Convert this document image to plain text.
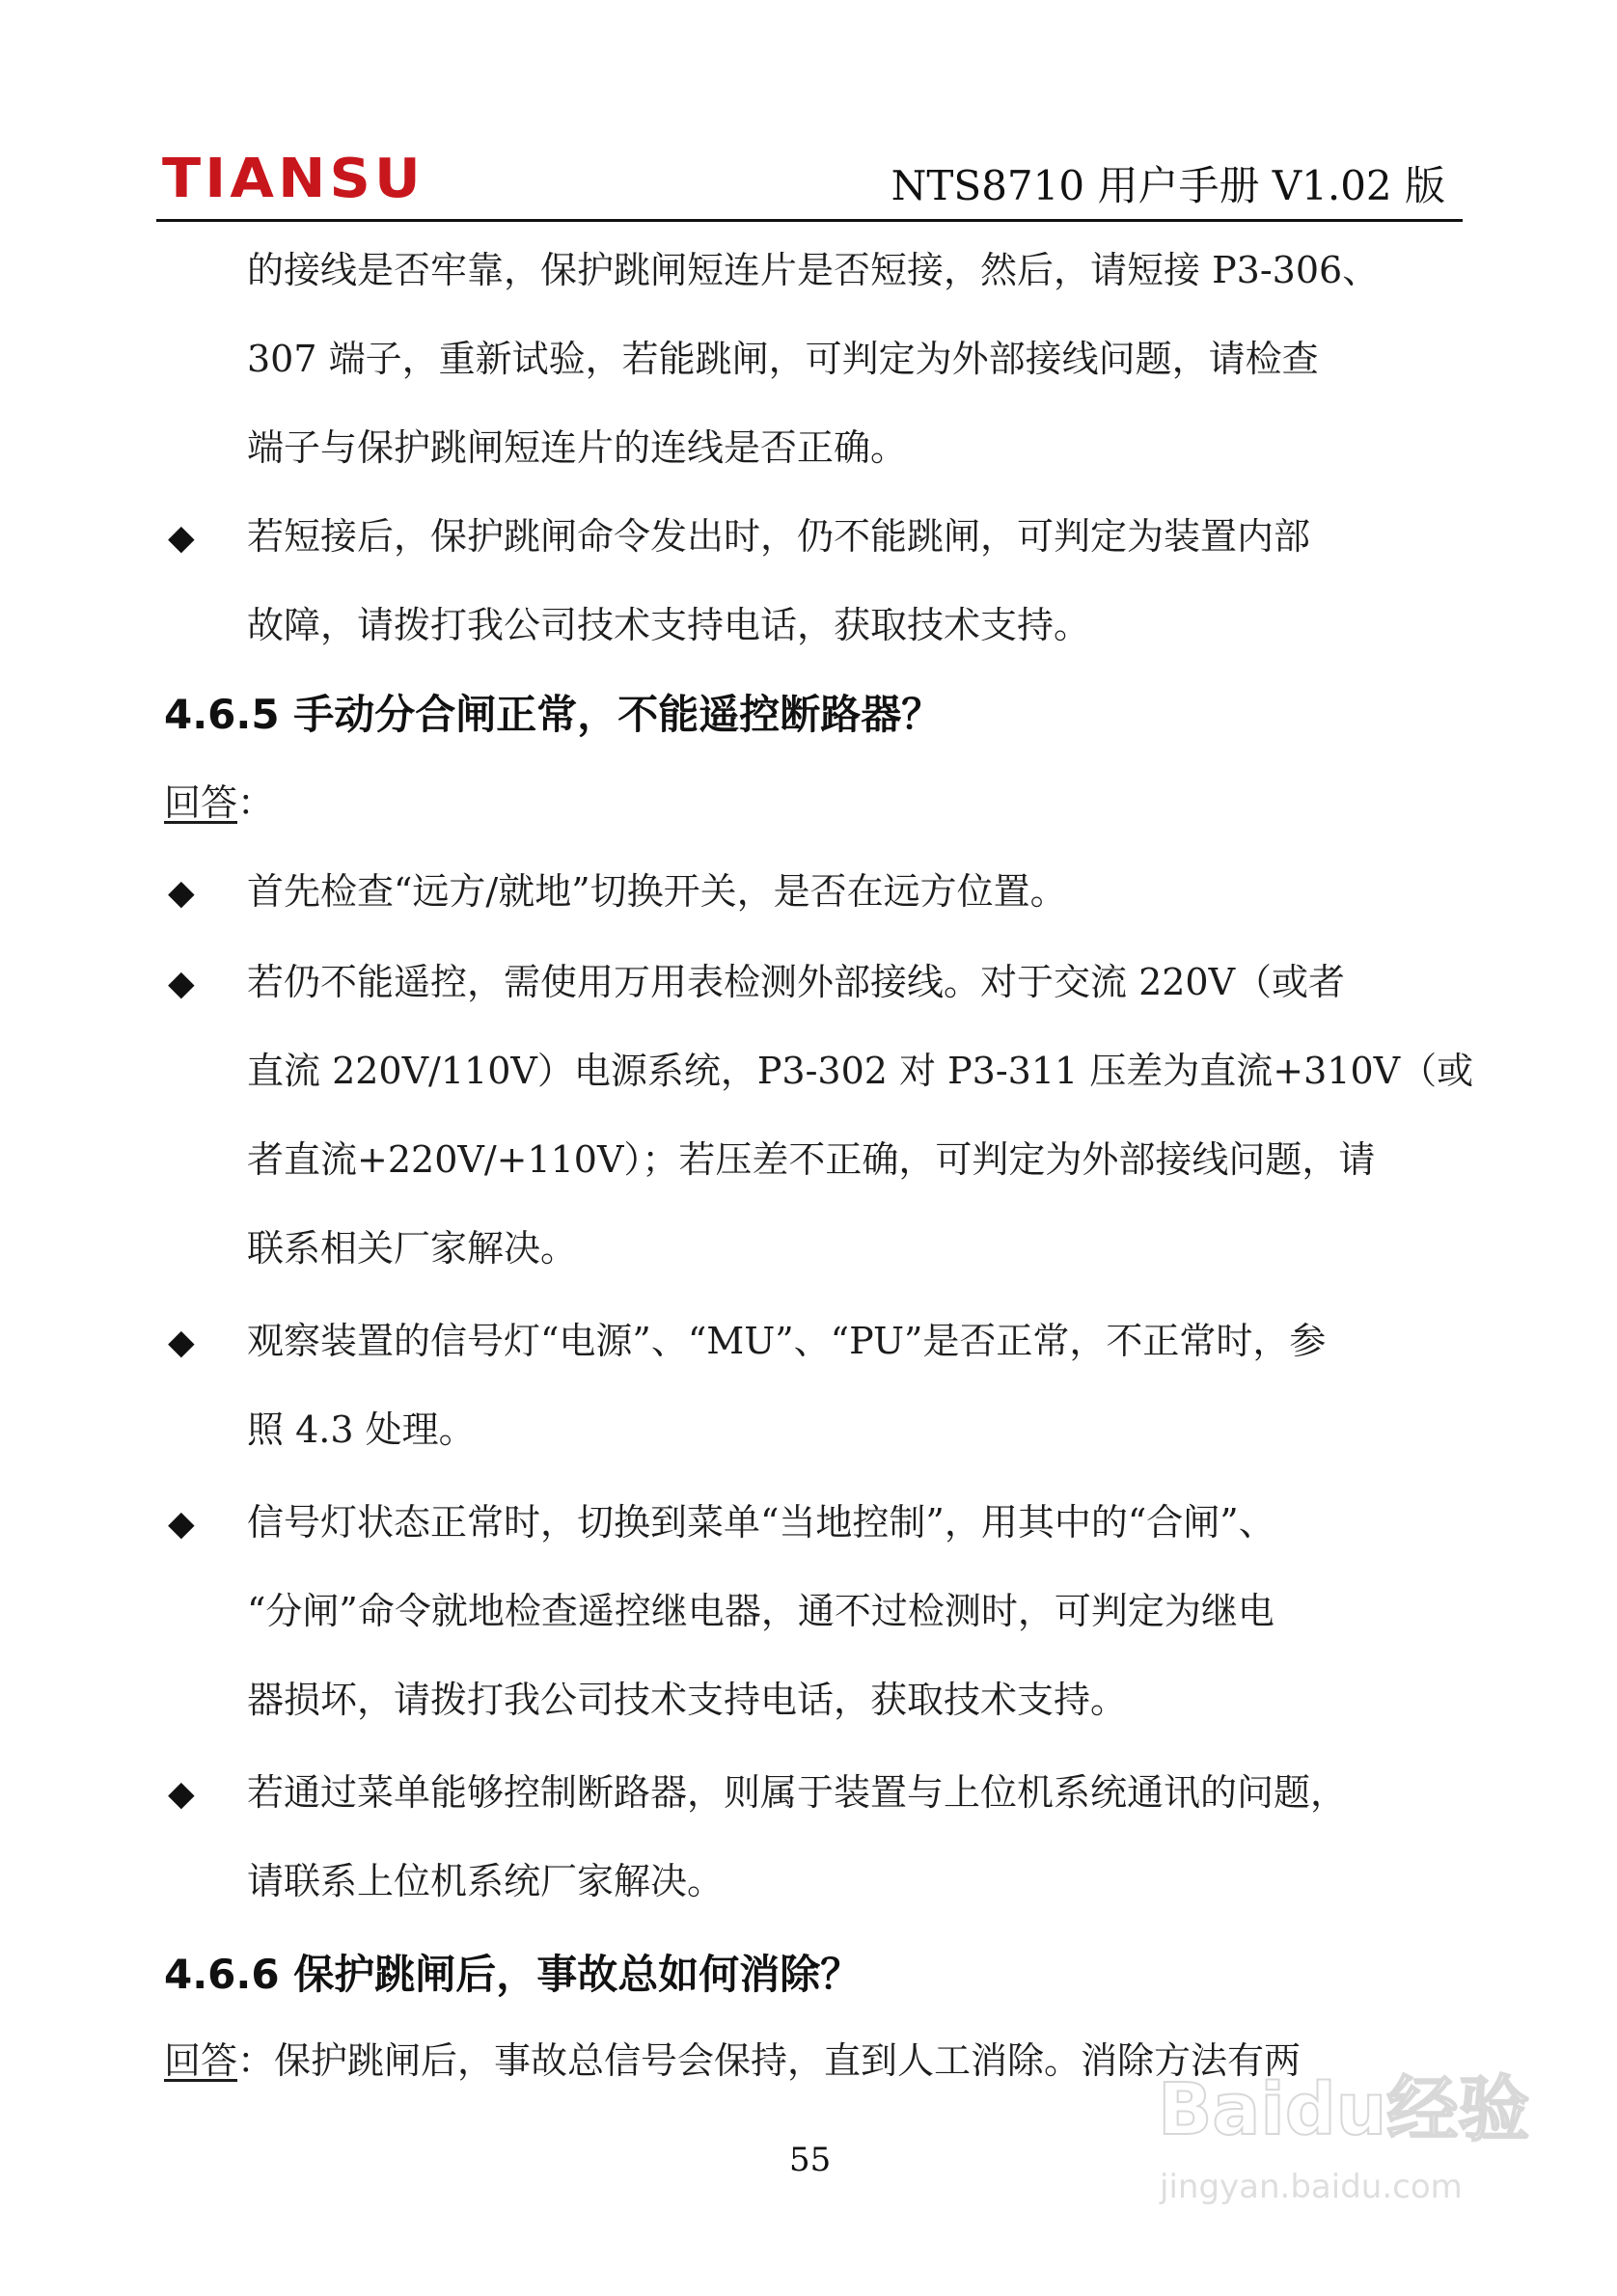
TIANSU	NTS8710 用户手册 V1.02 版
的接线是否牢靠，保护跳闸短连片是否短接，然后，请短接 P3-306、
307 端子，重新试验，若能跳闸，可判定为外部接线问题，请检查
端子与保护跳闸短连片的连线是否正确。
◆ 若短接后，保护跳闸命令发出时，仍不能跳闸，可判定为装置内部
故障，请拨打我公司技术支持电话，获取技术支持。
4.6.5 手动分合闸正常，不能遥控断路器？
回答：
◆ 首先检查“远方/就地”切换开关，是否在远方位置。
◆ 若仍不能遥控，需使用万用表检测外部接线。对于交流 220V（或者
直流 220V/110V）电源系统，P3-302 对 P3-311 压差为直流+310V（或
者直流+220V/+110V）；若压差不正确，可判定为外部接线问题，请
联系相关厂家解决。
◆ 观察装置的信号灯“电源”、“MU”、“PU”是否正常，不正常时，参
照 4.3 处理。
◆ 信号灯状态正常时，切换到菜单“当地控制”，用其中的“合闸”、
“分闸”命令就地检查遥控继电器，通不过检测时，可判定为继电
器损坏，请拨打我公司技术支持电话，获取技术支持。
◆ 若通过菜单能够控制断路器，则属于装置与上位机系统通讯的问题，
请联系上位机系统厂家解决。
4.6.6 保护跳闸后，事故总如何消除？
回答：保护跳闸后，事故总信号会保持，直到人工消除。消除方法有两
55
Baidu经验
jingyan.baidu.com
